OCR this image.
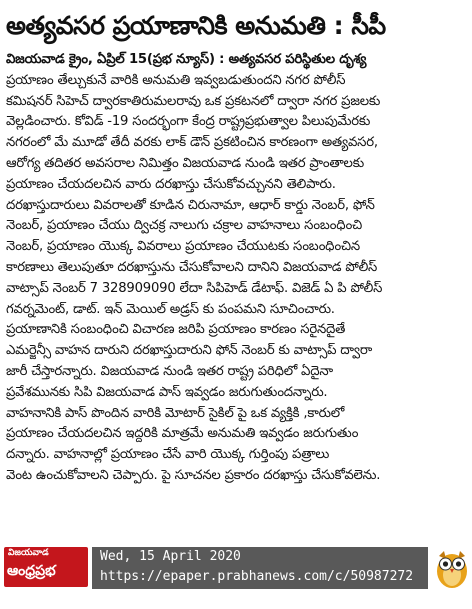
అత్యవసర ప్రయాణానికి అనుమతి : సీపీ
విజయవాడ క్రైం, ఏప్రిల్ 15(ప్రభ న్యూస్) : అత్యవసర పరిస్థితుల దృశ్య
ప్రయాణం తేల్చుకునే వారికి అనుమతి ఇవ్వబడుతుందని నగర పోలీస్
కమిషనర్ సిహెచ్ ద్వారకాతిరుమలరావు ఒక ప్రకటనలో ద్వారా నగర ప్రజలకు
వెల్లడించారు. కోవిడ్ -19 సందర్భంగా కేంద్ర రాష్ట్రప్రభుత్వాల పిలుపుమేరకు
నగరంలో మే మూడో తేదీ వరకు లాక్ డౌన్ ప్రకటించిన కారణంగా అత్యవసర,
ఆరోగ్య తదితర అవసరాల నిమిత్తం విజయవాడ నుండి ఇతర ప్రాంతాలకు
ప్రయాణం చేయదలచిన వారు దరఖాస్తు చేసుకోవచ్చునని తెలిపారు.
దరఖాస్తుదారులు వివరాలతో కూడిన చిరునామా, ఆధార్ కార్డు నెంబర్, ఫోన్
నెంబర్, ప్రయాణం చేయు ద్విచక్ర నాలుగు చక్రాల వాహనాలు సంబంధించి
నెంబర్, ప్రయాణం యొక్క వివరాలు ప్రయాణం చేయుటకు సంబంధించిన
కారణాలు తెలుపుతూ దరఖాస్తును చేసుకోవాలని దానిని విజయవాడ పోలీస్
వాట్సాప్ నెంబర్ 7 328909090 లేదా సిపిహెడ్ డేటాఫ్. విజెడ్ ఏ పి పోలీస్
గవర్నమెంట్, డాట్. ఇన్ మెయిల్ అడ్రస్ కు పంపమని సూచించారు.
ప్రయాణానికి సంబంధించి విచారణ జరిపి ప్రయాణం కారణం సరైనదైతే
ఎమర్జెన్సీ వాహన దారుని దరఖాస్తుదారుని ఫోన్ నెంబర్ కు వాట్సాప్ ద్వారా
జారీ చేస్తారన్నారు. విజయవాడ నుండి ఇతర రాష్ట్ర పరిధిలో ఏదైనా
ప్రవేశమునకు సిపి విజయవాడ పాస్ ఇవ్వడం జరుగుతుందన్నారు.
వాహనానికి పాస్ పొందిన వారికి మోటార్ సైకిల్ పై ఒక వ్యక్తికి ,కారులో
ప్రయాణం చేయదలచిన ఇద్దరికి మాత్రమే అనుమతి ఇవ్వడం జరుగుతుం
దన్నారు. వాహనాల్లో ప్రయాణం చేసే వారి యొక్క గుర్తింపు పత్రాలు
వెంట ఉంచుకోవాలని చెప్పారు. పై సూచనల ప్రకారం దరఖాస్తు చేసుకోవలెను.
విజయవాడ
ఆంధ్రప్రభ
Wed, 15 April 2020
https://epaper.prabhanews.com/c/50987272
